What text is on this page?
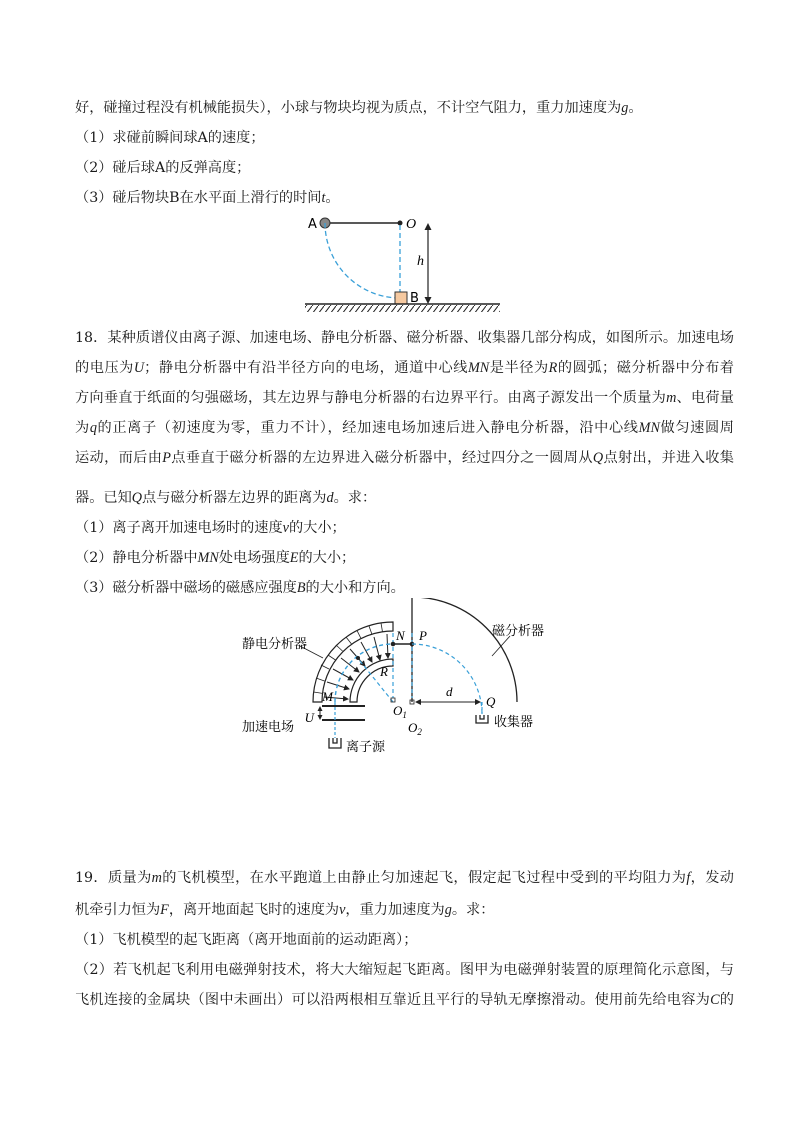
好，碰撞过程没有机械能损失），小球与物块均视为质点，不计空气阻力，重力加速度为g。
（1）求碰前瞬间球A的速度；
（2）碰后球A的反弹高度；
（3）碰后物块B在水平面上滑行的时间t。
A	O
h
B
18．某种质谱仪由离子源、加速电场、静电分析器、磁分析器、收集器几部分构成，如图所示。加速电场
的电压为U；静电分析器中有沿半径方向的电场，通道中心线MN是半径为R的圆弧；磁分析器中分布着
方向垂直于纸面的匀强磁场，其左边界与静电分析器的右边界平行。由离子源发出一个质量为m、电荷量
为q的正离子（初速度为零，重力不计），经加速电场加速后进入静电分析器，沿中心线MN做匀速圆周
运动，而后由P点垂直于磁分析器的左边界进入磁分析器中，经过四分之一圆周从Q点射出，并进入收集
器。已知Q点与磁分析器左边界的距离为d。求：
（1）离子离开加速电场时的速度v的大小；
（2）静电分析器中MN处电场强度E的大小；
（3）磁分析器中磁场的磁感应强度B的大小和方向。
静电分析器
磁分析器
加速电场
离子源
收集器
N P
R
M
U	$O_1$
$O_2$
d
Q
19．质量为m的飞机模型，在水平跑道上由静止匀加速起飞，假定起飞过程中受到的平均阻力为f，发动
机牵引力恒为F，离开地面起飞时的速度为v，重力加速度为g。求：
（1）飞机模型的起飞距离（离开地面前的运动距离）；
（2）若飞机起飞利用电磁弹射技术，将大大缩短起飞距离。图甲为电磁弹射装置的原理简化示意图，与
飞机连接的金属块（图中未画出）可以沿两根相互靠近且平行的导轨无摩擦滑动。使用前先给电容为C的
